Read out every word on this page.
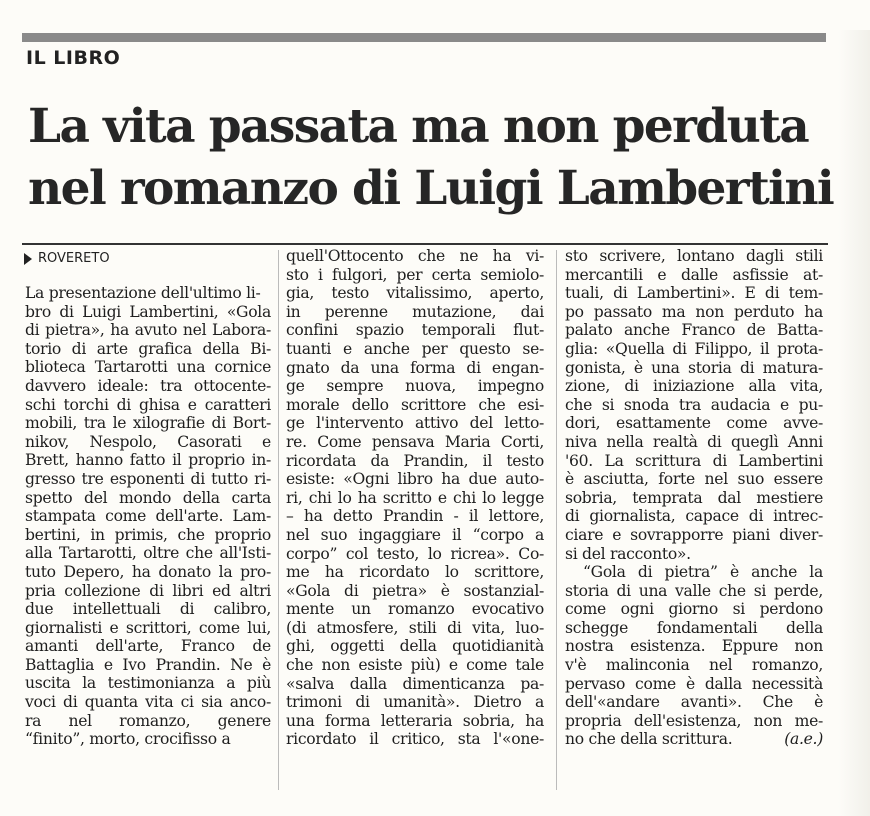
IL LIBRO
La vita passata ma non perduta
nel romanzo di Luigi Lambertini
ROVERETO
La presentazione dell'ultimo li-
bro di Luigi Lambertini, «Gola
di pietra», ha avuto nel Labora-
torio di arte grafica della Bi-
blioteca Tartarotti una cornice
davvero ideale: tra ottocente-
schi torchi di ghisa e caratteri
mobili, tra le xilografie di Bort-
nikov, Nespolo, Casorati e
Brett, hanno fatto il proprio in-
gresso tre esponenti di tutto ri-
spetto del mondo della carta
stampata come dell'arte. Lam-
bertini, in primis, che proprio
alla Tartarotti, oltre che all'Isti-
tuto Depero, ha donato la pro-
pria collezione di libri ed altri
due intellettuali di calibro,
giornalisti e scrittori, come lui,
amanti dell'arte, Franco de
Battaglia e Ivo Prandin. Ne è
uscita la testimonianza a più
voci di quanta vita ci sia anco-
ra nel romanzo, genere
“finito”, morto, crocifisso a
quell'Ottocento che ne ha vi-
sto i fulgori, per certa semiolo-
gia, testo vitalissimo, aperto,
in perenne mutazione, dai
confini spazio temporali flut-
tuanti e anche per questo se-
gnato da una forma di engan-
ge sempre nuova, impegno
morale dello scrittore che esi-
ge l'intervento attivo del letto-
re. Come pensava Maria Corti,
ricordata da Prandin, il testo
esiste: «Ogni libro ha due auto-
ri, chi lo ha scritto e chi lo legge
– ha detto Prandin - il lettore,
nel suo ingaggiare il “corpo a
corpo” col testo, lo ricrea». Co-
me ha ricordato lo scrittore,
«Gola di pietra» è sostanzial-
mente un romanzo evocativo
(di atmosfere, stili di vita, luo-
ghi, oggetti della quotidianità
che non esiste più) e come tale
«salva dalla dimenticanza pa-
trimoni di umanità». Dietro a
una forma letteraria sobria, ha
ricordato il critico, sta l'«one-
sto scrivere, lontano dagli stili
mercantili e dalle asfissie at-
tuali, di Lambertini». E di tem-
po passato ma non perduto ha
palato anche Franco de Batta-
glia: «Quella di Filippo, il prota-
gonista, è una storia di matura-
zione, di iniziazione alla vita,
che si snoda tra audacia e pu-
dori, esattamente come avve-
niva nella realtà di queglì Anni
'60. La scrittura di Lambertini
è asciutta, forte nel suo essere
sobria, temprata dal mestiere
di giornalista, capace di intrec-
ciare e sovrapporre piani diver-
si del racconto».
“Gola di pietra” è anche la
storia di una valle che si perde,
come ogni giorno si perdono
schegge fondamentali della
nostra esistenza. Eppure non
v'è malinconia nel romanzo,
pervaso come è dalla necessità
dell'«andare avanti». Che è
propria dell'esistenza, non me-
no che della scrittura.	(a.e.)
